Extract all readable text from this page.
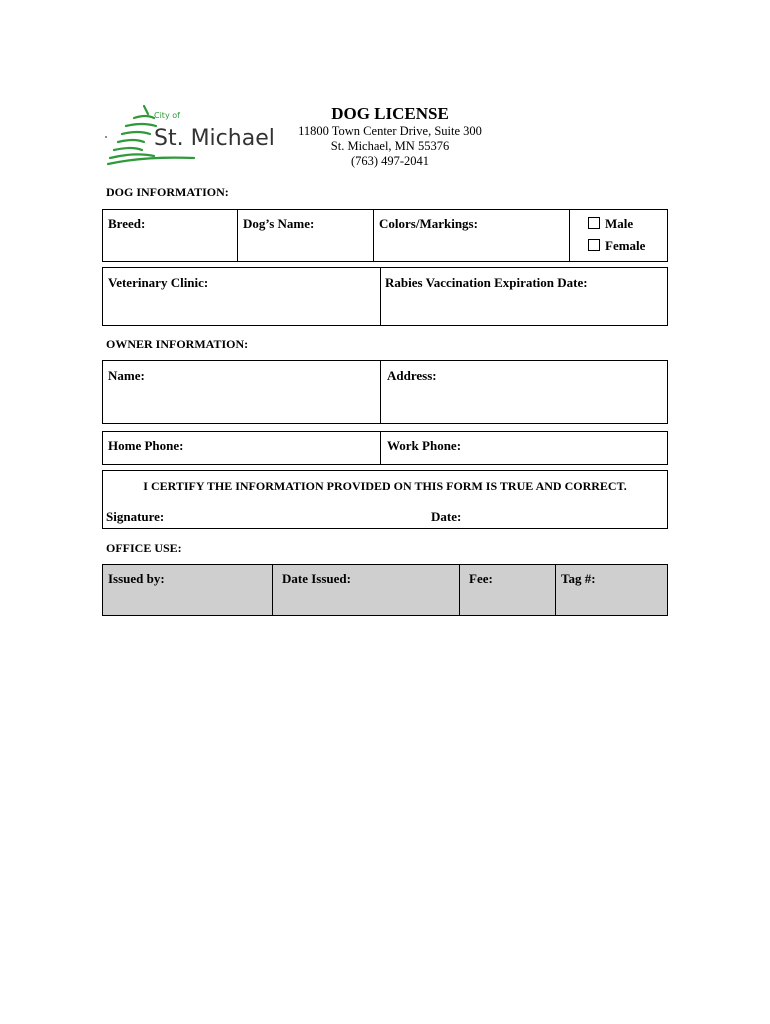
City of
St. Michael
DOG LICENSE
11800 Town Center Drive, Suite 300
St. Michael, MN 55376
(763) 497-2041
DOG INFORMATION:
Breed:	Dog’s Name:	Colors/Markings:	Male
Female
Veterinary Clinic:	Rabies Vaccination Expiration Date:
OWNER INFORMATION:
Name:	Address:
Home Phone:	Work Phone:
I CERTIFY THE INFORMATION PROVIDED ON THIS FORM IS TRUE AND CORRECT.
Signature:	Date:
OFFICE USE:
Issued by:	Date Issued:	Fee:	Tag #:
